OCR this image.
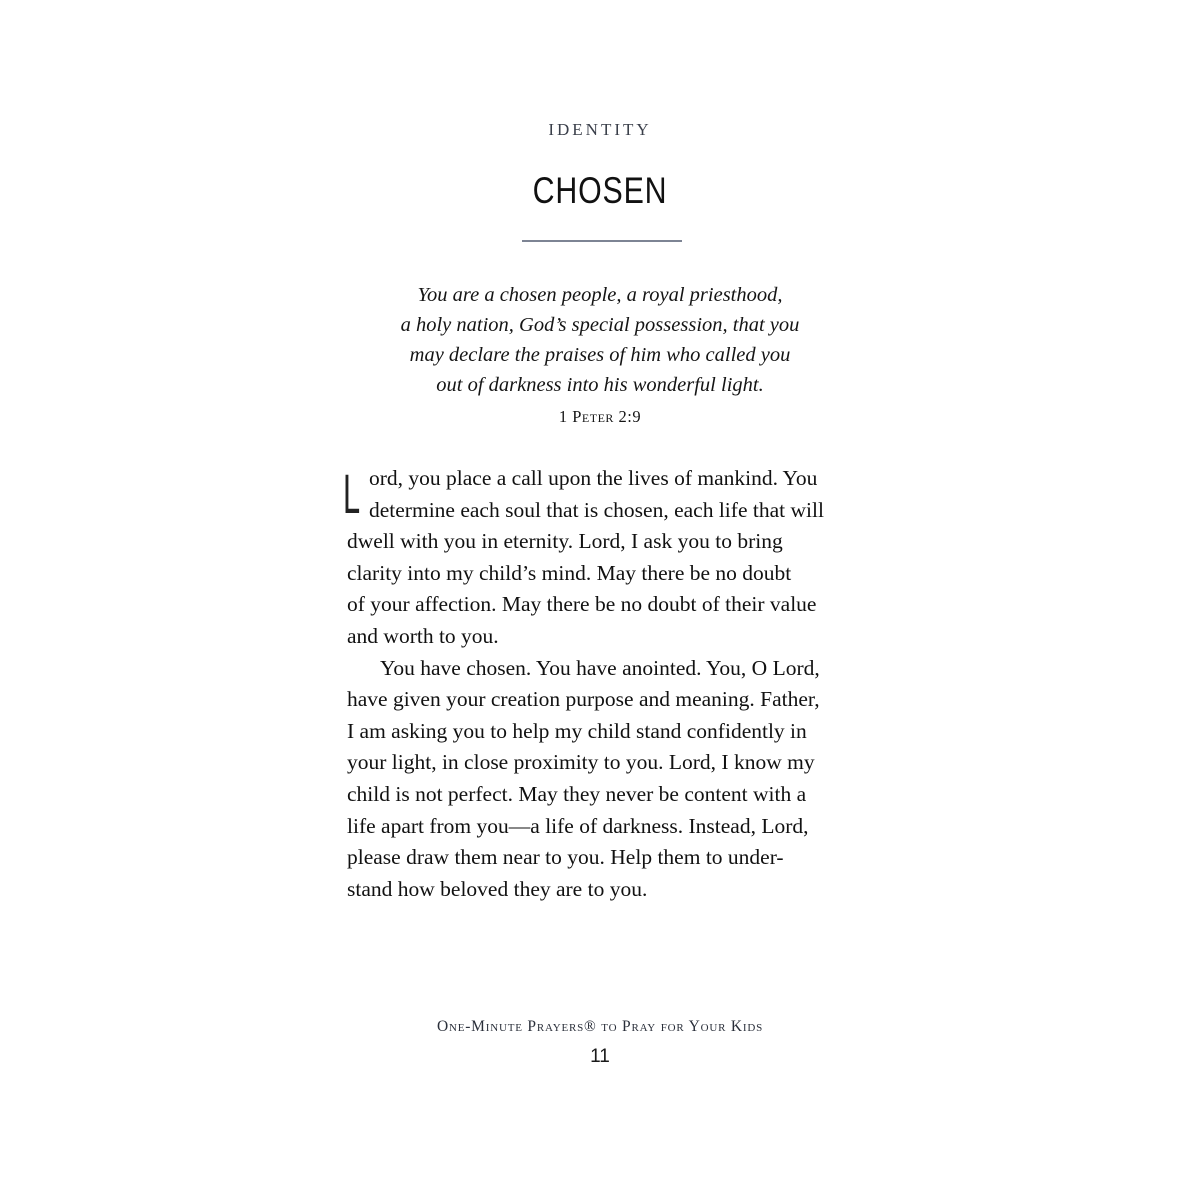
IDENTITY
CHOSEN
You are a chosen people, a royal priesthood,
a holy nation, God’s special possession, that you
may declare the praises of him who called you
out of darkness into his wonderful light.
1 Peter 2:9
L ord, you place a call upon the lives of mankind. You
determine each soul that is chosen, each life that will
dwell with you in eternity. Lord, I ask you to bring
clarity into my child’s mind. May there be no doubt
of your affection. May there be no doubt of their value
and worth to you.
You have chosen. You have anointed. You, O Lord,
have given your creation purpose and meaning. Father,
I am asking you to help my child stand confidently in
your light, in close proximity to you. Lord, I know my
child is not perfect. May they never be content with a
life apart from you—a life of darkness. Instead, Lord,
please draw them near to you. Help them to under-
stand how beloved they are to you.
One-Minute Prayers® to Pray for Your Kids
11
